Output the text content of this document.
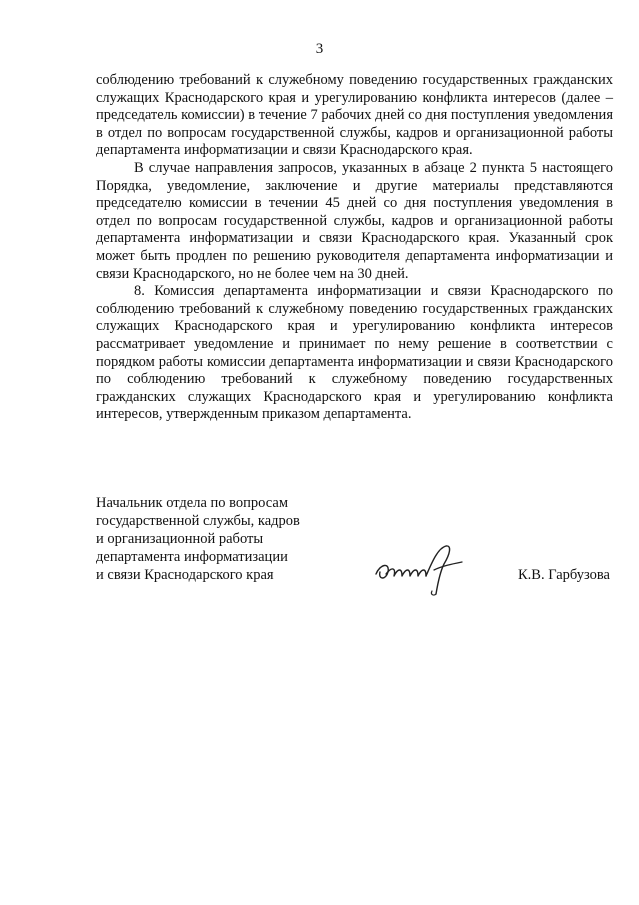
3

соблюдению требований к служебному поведению государственных гражданских служащих Краснодарского края и урегулированию конфликта интересов (далее – председатель комиссии) в течение 7 рабочих дней со дня поступления уведомления в отдел по вопросам государственной службы, кадров и организационной работы департамента информатизации и связи Краснодарского края.

В случае направления запросов, указанных в абзаце 2 пункта 5 настоящего Порядка, уведомление, заключение и другие материалы представляются председателю комиссии в течении 45 дней со дня поступления уведомления в отдел по вопросам государственной службы, кадров и организационной работы департамента информатизации и связи Краснодарского края. Указанный срок может быть продлен по решению руководителя департамента информатизации и связи Краснодарского, но не более чем на 30 дней.

8. Комиссия департамента информатизации и связи Краснодарского по соблюдению требований к служебному поведению государственных гражданских служащих Краснодарского края и урегулированию конфликта интересов рассматривает уведомление и принимает по нему решение в соответствии с порядком работы комиссии департамента информатизации и связи Краснодарского по соблюдению требований к служебному поведению государственных гражданских служащих Краснодарского края и урегулированию конфликта интересов, утвержденным приказом департамента.

Начальник отдела по вопросам
государственной службы, кадров
и организационной работы
департамента информатизации
и связи Краснодарского края	К.В. Гарбузова
